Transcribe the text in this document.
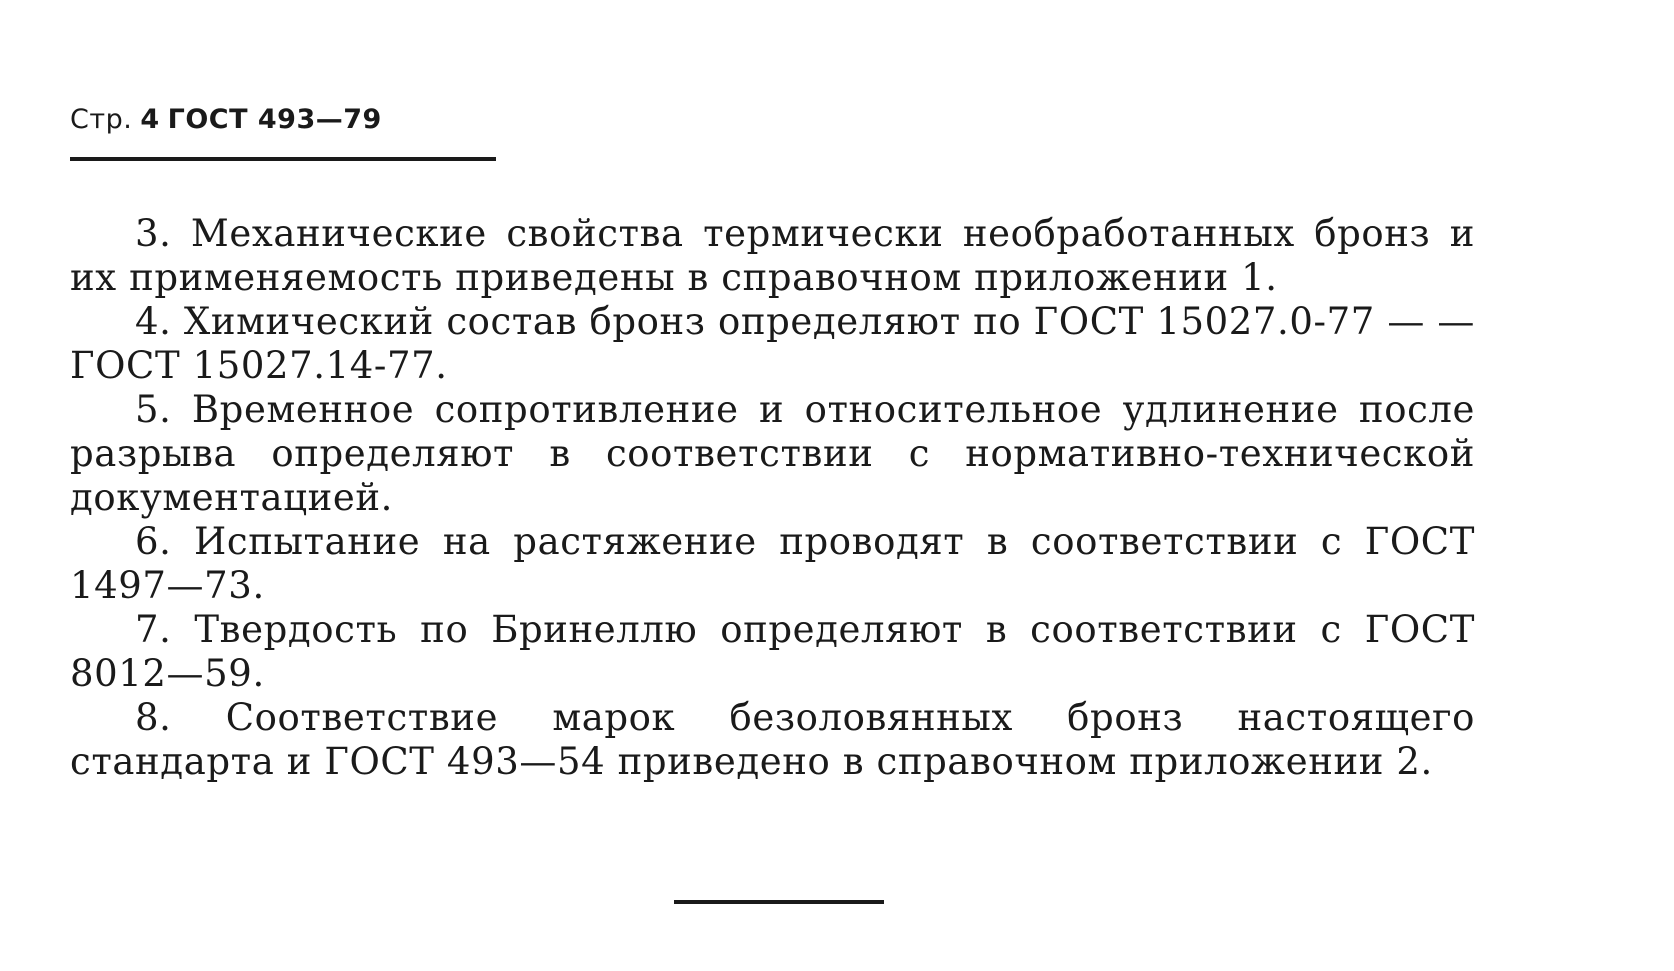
Стр. 4 ГОСТ 493—79

3. Механические свойства термически необработанных бронз и их применяемость приведены в справочном приложении 1.

4. Химический состав бронз определяют по ГОСТ 15027.0-77 — — ГОСТ 15027.14-77.

5. Временное сопротивление и относительное удлинение после разрыва определяют в соответствии с нормативно-технической документацией.

6. Испытание на растяжение проводят в соответствии с ГОСТ 1497—73.

7. Твердость по Бринеллю определяют в соответствии с ГОСТ 8012—59.

8. Соответствие марок безоловянных бронз настоящего стандарта и ГОСТ 493—54 приведено в справочном приложении 2.
